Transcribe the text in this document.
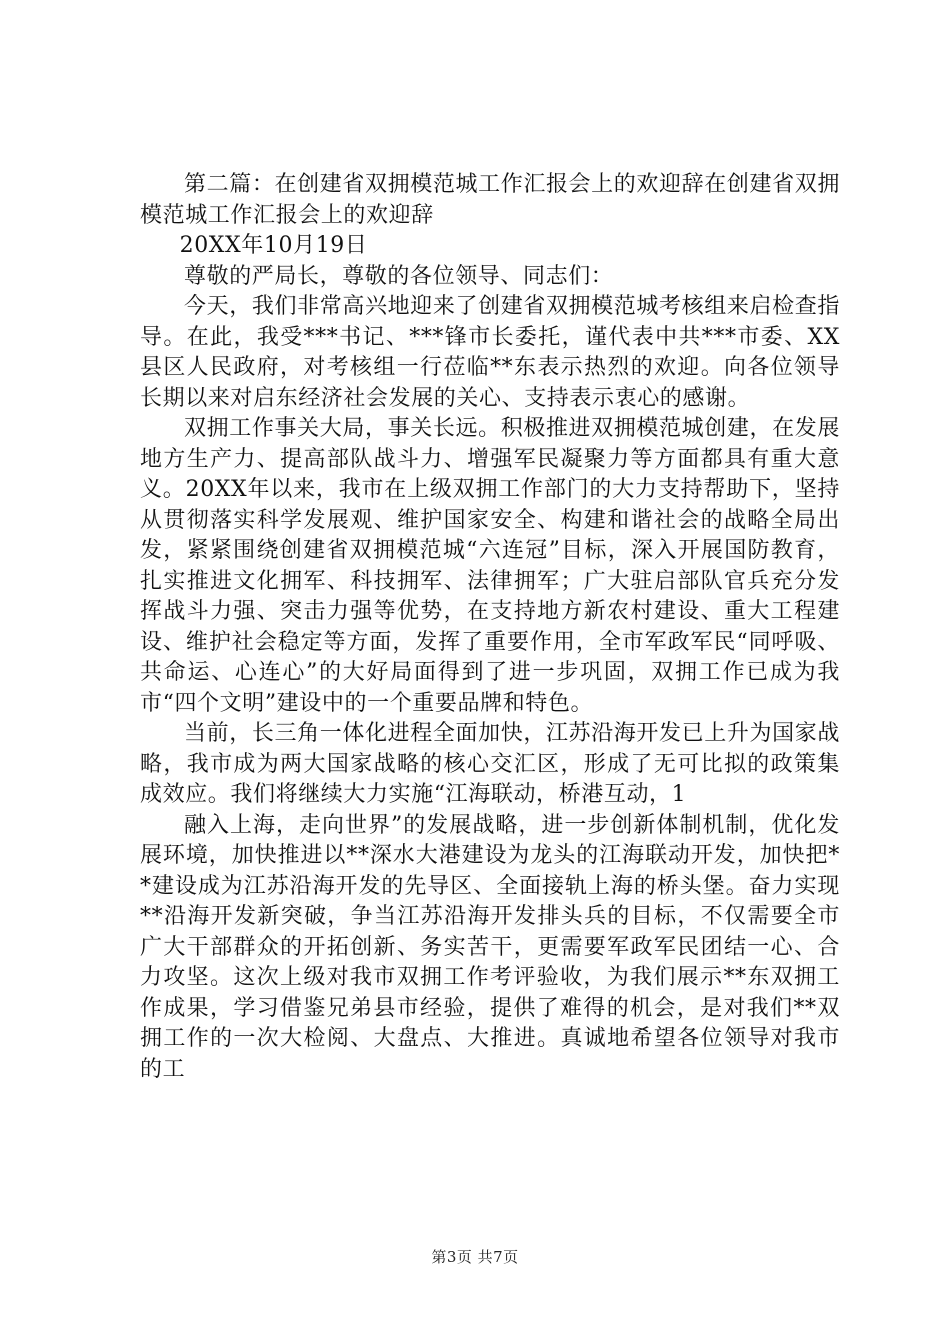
第二篇：在创建省双拥模范城工作汇报会上的欢迎辞在创建省双拥模范城工作汇报会上的欢迎辞

20XX年10月19日

尊敬的严局长，尊敬的各位领导、同志们：

今天，我们非常高兴地迎来了创建省双拥模范城考核组来启检查指导。在此，我受***书记、***锋市长委托，谨代表中共***市委、XX县区人民政府，对考核组一行莅临**东表示热烈的欢迎。向各位领导长期以来对启东经济社会发展的关心、支持表示衷心的感谢。

双拥工作事关大局，事关长远。积极推进双拥模范城创建，在发展地方生产力、提高部队战斗力、增强军民凝聚力等方面都具有重大意义。20XX年以来，我市在上级双拥工作部门的大力支持帮助下，坚持从贯彻落实科学发展观、维护国家安全、构建和谐社会的战略全局出发，紧紧围绕创建省双拥模范城“六连冠”目标，深入开展国防教育，扎实推进文化拥军、科技拥军、法律拥军；广大驻启部队官兵充分发挥战斗力强、突击力强等优势，在支持地方新农村建设、重大工程建设、维护社会稳定等方面，发挥了重要作用，全市军政军民“同呼吸、共命运、心连心”的大好局面得到了进一步巩固，双拥工作已成为我市“四个文明”建设中的一个重要品牌和特色。

当前，长三角一体化进程全面加快，江苏沿海开发已上升为国家战略，我市成为两大国家战略的核心交汇区，形成了无可比拟的政策集成效应。我们将继续大力实施“江海联动，桥港互动，1

融入上海，走向世界”的发展战略，进一步创新体制机制，优化发展环境，加快推进以**深水大港建设为龙头的江海联动开发，加快把**建设成为江苏沿海开发的先导区、全面接轨上海的桥头堡。奋力实现**沿海开发新突破，争当江苏沿海开发排头兵的目标，不仅需要全市广大干部群众的开拓创新、务实苦干，更需要军政军民团结一心、合力攻坚。这次上级对我市双拥工作考评验收，为我们展示**东双拥工作成果，学习借鉴兄弟县市经验，提供了难得的机会，是对我们**双拥工作的一次大检阅、大盘点、大推进。真诚地希望各位领导对我市的工

第3页 共7页
